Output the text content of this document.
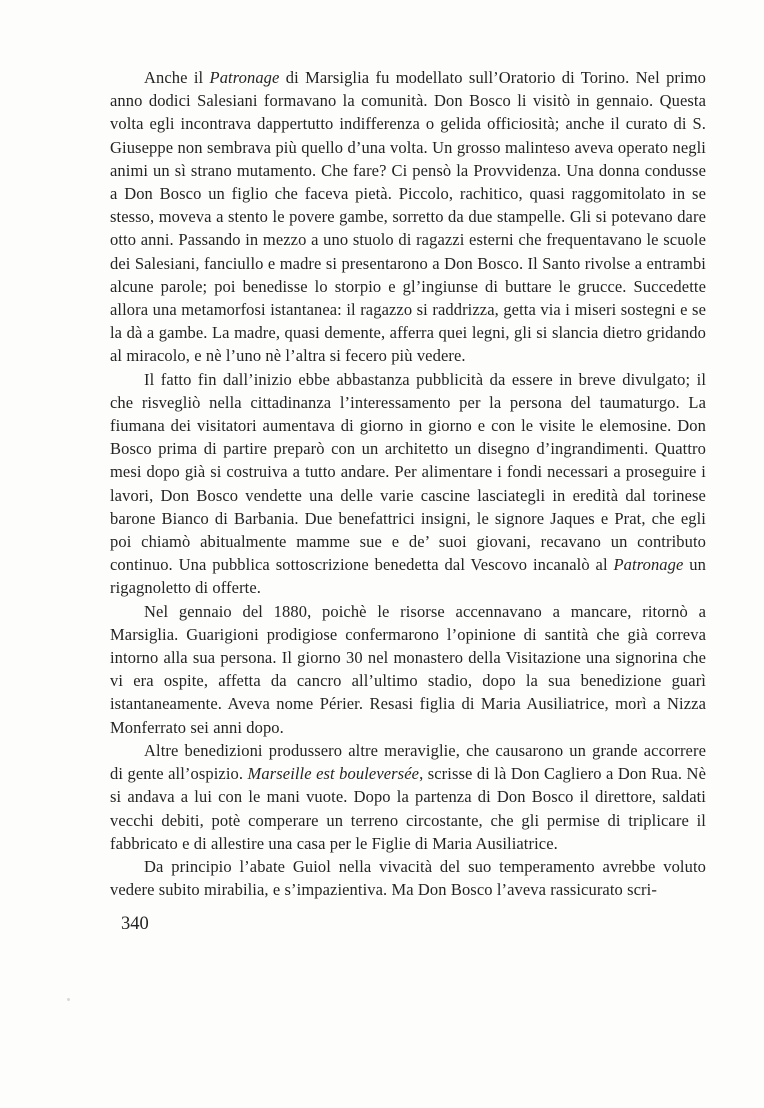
Anche il Patronage di Marsiglia fu modellato sull’Oratorio di Torino. Nel primo anno dodici Salesiani formavano la comunità. Don Bosco li visitò in gennaio. Questa volta egli incontrava dappertutto indifferenza o gelida officiosità; anche il curato di S. Giuseppe non sembrava più quello d’una volta. Un grosso malinteso aveva operato negli animi un sì strano mutamento. Che fare? Ci pensò la Provvidenza. Una donna condusse a Don Bosco un figlio che faceva pietà. Piccolo, rachitico, quasi raggomitolato in se stesso, moveva a stento le povere gambe, sorretto da due stampelle. Gli si potevano dare otto anni. Passando in mezzo a uno stuolo di ragazzi esterni che frequentavano le scuole dei Salesiani, fanciullo e madre si presentarono a Don Bosco. Il Santo rivolse a entrambi alcune parole; poi benedisse lo storpio e gl’ingiunse di buttare le grucce. Succedette allora una metamorfosi istantanea: il ragazzo si raddrizza, getta via i miseri sostegni e se la dà a gambe. La madre, quasi demente, afferra quei legni, gli si slancia dietro gridando al miracolo, e nè l’uno nè l’altra si fecero più vedere.

Il fatto fin dall’inizio ebbe abbastanza pubblicità da essere in breve divulgato; il che risvegliò nella cittadinanza l’interessamento per la persona del taumaturgo. La fiumana dei visitatori aumentava di giorno in giorno e con le visite le elemosine. Don Bosco prima di partire preparò con un architetto un disegno d’ingrandimenti. Quattro mesi dopo già si costruiva a tutto andare. Per alimentare i fondi necessari a proseguire i lavori, Don Bosco vendette una delle varie cascine lasciategli in eredità dal torinese barone Bianco di Barbania. Due benefattrici insigni, le signore Jaques e Prat, che egli poi chiamò abitualmente mamme sue e de’ suoi giovani, recavano un contributo continuo. Una pubblica sottoscrizione benedetta dal Vescovo incanalò al Patronage un rigagnoletto di offerte.

Nel gennaio del 1880, poichè le risorse accennavano a mancare, ritornò a Marsiglia. Guarigioni prodigiose confermarono l’opinione di santità che già correva intorno alla sua persona. Il giorno 30 nel monastero della Visitazione una signorina che vi era ospite, affetta da cancro all’ultimo stadio, dopo la sua benedizione guarì istantaneamente. Aveva nome Périer. Resasi figlia di Maria Ausiliatrice, morì a Nizza Monferrato sei anni dopo.

Altre benedizioni produssero altre meraviglie, che causarono un grande accorrere di gente all’ospizio. Marseille est bouleversée, scrisse di là Don Cagliero a Don Rua. Nè si andava a lui con le mani vuote. Dopo la partenza di Don Bosco il direttore, saldati vecchi debiti, potè comperare un terreno circostante, che gli permise di triplicare il fabbricato e di allestire una casa per le Figlie di Maria Ausiliatrice.

Da principio l’abate Guiol nella vivacità del suo temperamento avrebbe voluto vedere subito mirabilia, e s’impazientiva. Ma Don Bosco l’aveva rassicurato scri-

340
